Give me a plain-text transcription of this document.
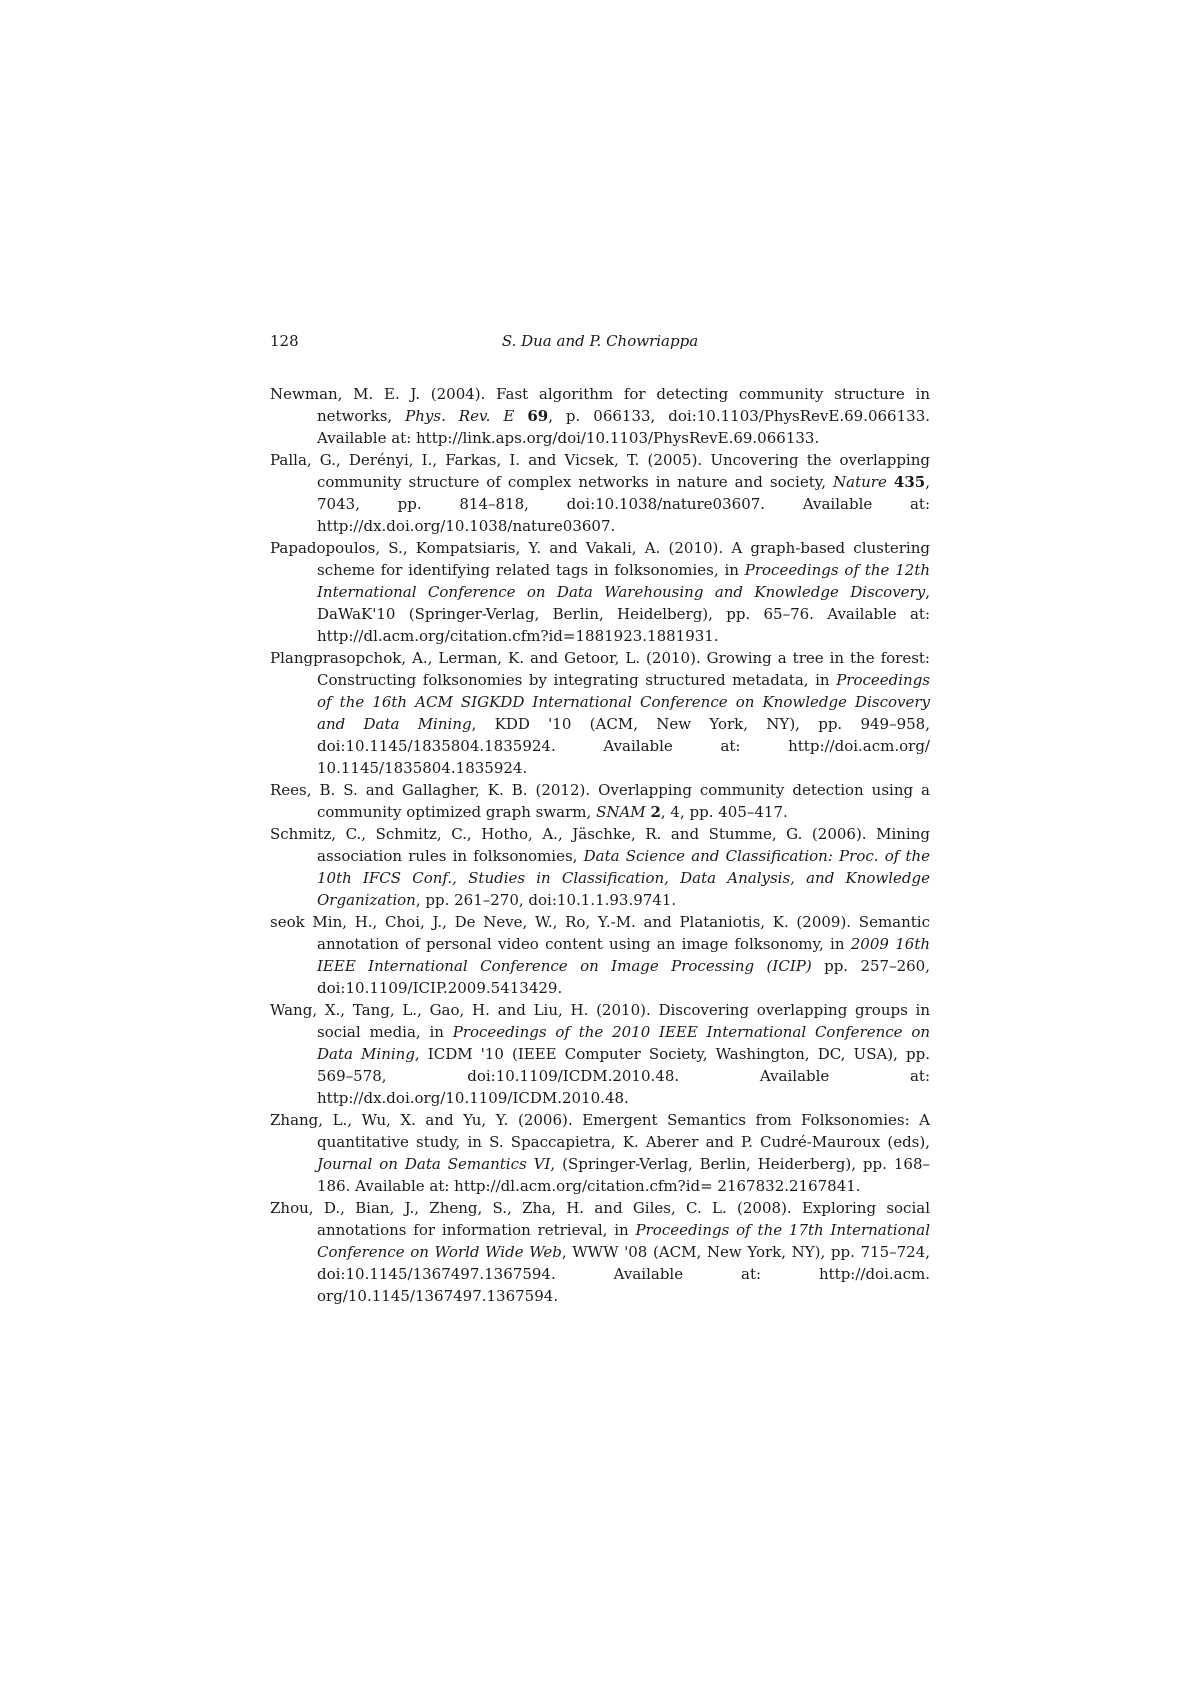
128	S. Dua and P. Chowriappa
Newman, M. E. J. (2004). Fast algorithm for detecting community structure in networks, Phys. Rev. E 69, p. 066133, doi:10.1103/PhysRevE.69.066133. Available at: http://link.aps.org/doi/10.1103/PhysRevE.69.066133.
Palla, G., Derényi, I., Farkas, I. and Vicsek, T. (2005). Uncovering the overlapping community structure of complex networks in nature and society, Nature 435, 7043, pp. 814–818, doi:10.1038/nature03607. Available at: http://dx.doi.org/10.1038/nature03607.
Papadopoulos, S., Kompatsiaris, Y. and Vakali, A. (2010). A graph-based clustering scheme for identifying related tags in folksonomies, in Proceedings of the 12th International Conference on Data Warehousing and Knowledge Discovery, DaWaK'10 (Springer-Verlag, Berlin, Heidelberg), pp. 65–76. Available at: http://dl.acm.org/citation.cfm?id=1881923.1881931.
Plangprasopchok, A., Lerman, K. and Getoor, L. (2010). Growing a tree in the forest: Constructing folksonomies by integrating structured metadata, in Proceedings of the 16th ACM SIGKDD International Conference on Knowledge Discovery and Data Mining, KDD '10 (ACM, New York, NY), pp. 949–958, doi:10.1145/1835804.1835924. Available at: http://doi.acm.org/ 10.1145/1835804.1835924.
Rees, B. S. and Gallagher, K. B. (2012). Overlapping community detection using a community optimized graph swarm, SNAM 2, 4, pp. 405–417.
Schmitz, C., Schmitz, C., Hotho, A., Jäschke, R. and Stumme, G. (2006). Mining association rules in folksonomies, Data Science and Classification: Proc. of the 10th IFCS Conf., Studies in Classification, Data Analysis, and Knowledge Organization, pp. 261–270, doi:10.1.1.93.9741.
seok Min, H., Choi, J., De Neve, W., Ro, Y.-M. and Plataniotis, K. (2009). Semantic annotation of personal video content using an image folksonomy, in 2009 16th IEEE International Conference on Image Processing (ICIP) pp. 257–260, doi:10.1109/ICIP.2009.5413429.
Wang, X., Tang, L., Gao, H. and Liu, H. (2010). Discovering overlapping groups in social media, in Proceedings of the 2010 IEEE International Conference on Data Mining, ICDM '10 (IEEE Computer Society, Washington, DC, USA), pp. 569–578, doi:10.1109/ICDM.2010.48. Available at: http://dx.doi.org/10.1109/ICDM.2010.48.
Zhang, L., Wu, X. and Yu, Y. (2006). Emergent Semantics from Folksonomies: A quantitative study, in S. Spaccapietra, K. Aberer and P. Cudré-Mauroux (eds), Journal on Data Semantics VI, (Springer-Verlag, Berlin, Heiderberg), pp. 168–186. Available at: http://dl.acm.org/citation.cfm?id= 2167832.2167841.
Zhou, D., Bian, J., Zheng, S., Zha, H. and Giles, C. L. (2008). Exploring social annotations for information retrieval, in Proceedings of the 17th International Conference on World Wide Web, WWW '08 (ACM, New York, NY), pp. 715–724, doi:10.1145/1367497.1367594. Available at: http://doi.acm. org/10.1145/1367497.1367594.
